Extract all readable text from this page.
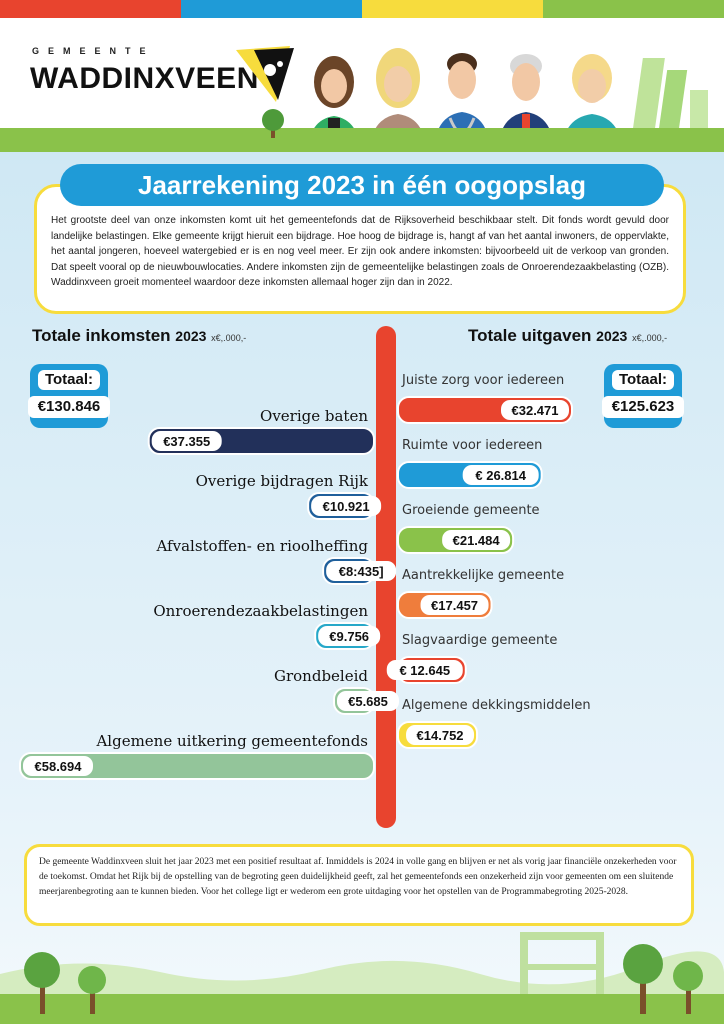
GEMEENTE
WADDINXVEEN
Het grootste deel van onze inkomsten komt uit het gemeentefonds dat de Rijksoverheid beschikbaar stelt. Dit fonds wordt gevuld door landelijke belastingen. Elke gemeente krijgt hieruit een bijdrage. Hoe hoog de bijdrage is, hangt af van het aantal inwoners, de oppervlakte, het aantal jongeren, hoeveel watergebied er is en nog veel meer. Er zijn ook andere inkomsten: bijvoorbeeld uit de verkoop van gronden. Dat speelt vooral op de nieuwbouwlocaties. Andere inkomsten zijn de gemeentelijke belastingen zoals de Onroerendezaakbelasting (OZB). Waddinxveen groeit momenteel waardoor deze inkomsten allemaal hoger zijn dan in 2022.
Jaarrekening 2023 in één oogopslag
Totale inkomsten 2023 x€,.000,-	Totale uitgaven 2023 x€,.000,-
Totaal:
€130.846
Totaal:
€125.623
Overige baten
€37.355
Overige bijdragen Rijk
€10.921
Afvalstoffen- en rioolheffing
€8:435]
Onroerendezaakbelastingen
€9.756
Grondbeleid
€5.685
Algemene uitkering gemeentefonds
€58.694
Juiste zorg voor iedereen
€32.471
Ruimte voor iedereen
€ 26.814
Groeiende gemeente
€21.484
Aantrekkelijke gemeente
€17.457
Slagvaardige gemeente
€ 12.645
Algemene dekkingsmiddelen
€14.752
De gemeente Waddinxveen sluit het jaar 2023 met een positief resultaat af. Inmiddels is 2024 in volle gang en blijven er net als vorig jaar financiële onzekerheden voor de toekomst. Omdat het Rijk bij de opstelling van de begroting geen duidelijkheid geeft, zal het gemeentefonds een onzekerheid zijn voor gemeenten om een sluitende meerjarenbegroting aan te kunnen bieden. Voor het college ligt er wederom een grote uitdaging voor het opstellen van de Programmabegroting 2025-2028.
